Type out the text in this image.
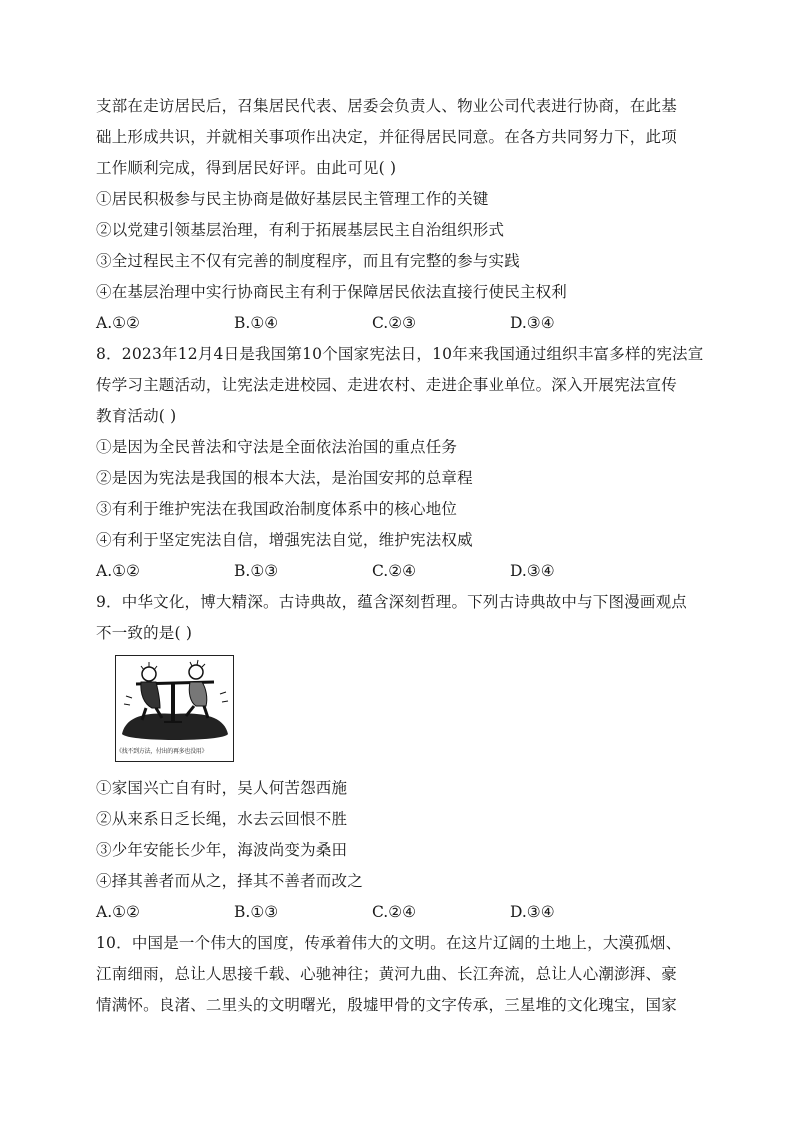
支部在走访居民后，召集居民代表、居委会负责人、物业公司代表进行协商，在此基
础上形成共识，并就相关事项作出决定，并征得居民同意。在各方共同努力下，此项
工作顺利完成，得到居民好评。由此可见( )
①居民积极参与民主协商是做好基层民主管理工作的关键
②以党建引领基层治理，有利于拓展基层民主自治组织形式
③全过程民主不仅有完善的制度程序，而且有完整的参与实践
④在基层治理中实行协商民主有利于保障居民依法直接行使民主权利
A.①②	B.①④	C.②③	D.③④
8．2023年12月4日是我国第10个国家宪法日，10年来我国通过组织丰富多样的宪法宣
传学习主题活动，让宪法走进校园、走进农村、走进企事业单位。深入开展宪法宣传
教育活动( )
①是因为全民普法和守法是全面依法治国的重点任务
②是因为宪法是我国的根本大法，是治国安邦的总章程
③有利于维护宪法在我国政治制度体系中的核心地位
④有利于坚定宪法自信，增强宪法自觉，维护宪法权威
A.①②	B.①③	C.②④	D.③④
9．中华文化，博大精深。古诗典故，蕴含深刻哲理。下列古诗典故中与下图漫画观点
不一致的是( )
《找不到方法，付出的再多也没用》
①家国兴亡自有时，吴人何苦怨西施
②从来系日乏长绳，水去云回恨不胜
③少年安能长少年，海波尚变为桑田
④择其善者而从之，择其不善者而改之
A.①②	B.①③	C.②④	D.③④
10．中国是一个伟大的国度，传承着伟大的文明。在这片辽阔的土地上，大漠孤烟、
江南细雨，总让人思接千载、心驰神往；黄河九曲、长江奔流，总让人心潮澎湃、豪
情满怀。良渚、二里头的文明曙光，殷墟甲骨的文字传承，三星堆的文化瑰宝，国家
